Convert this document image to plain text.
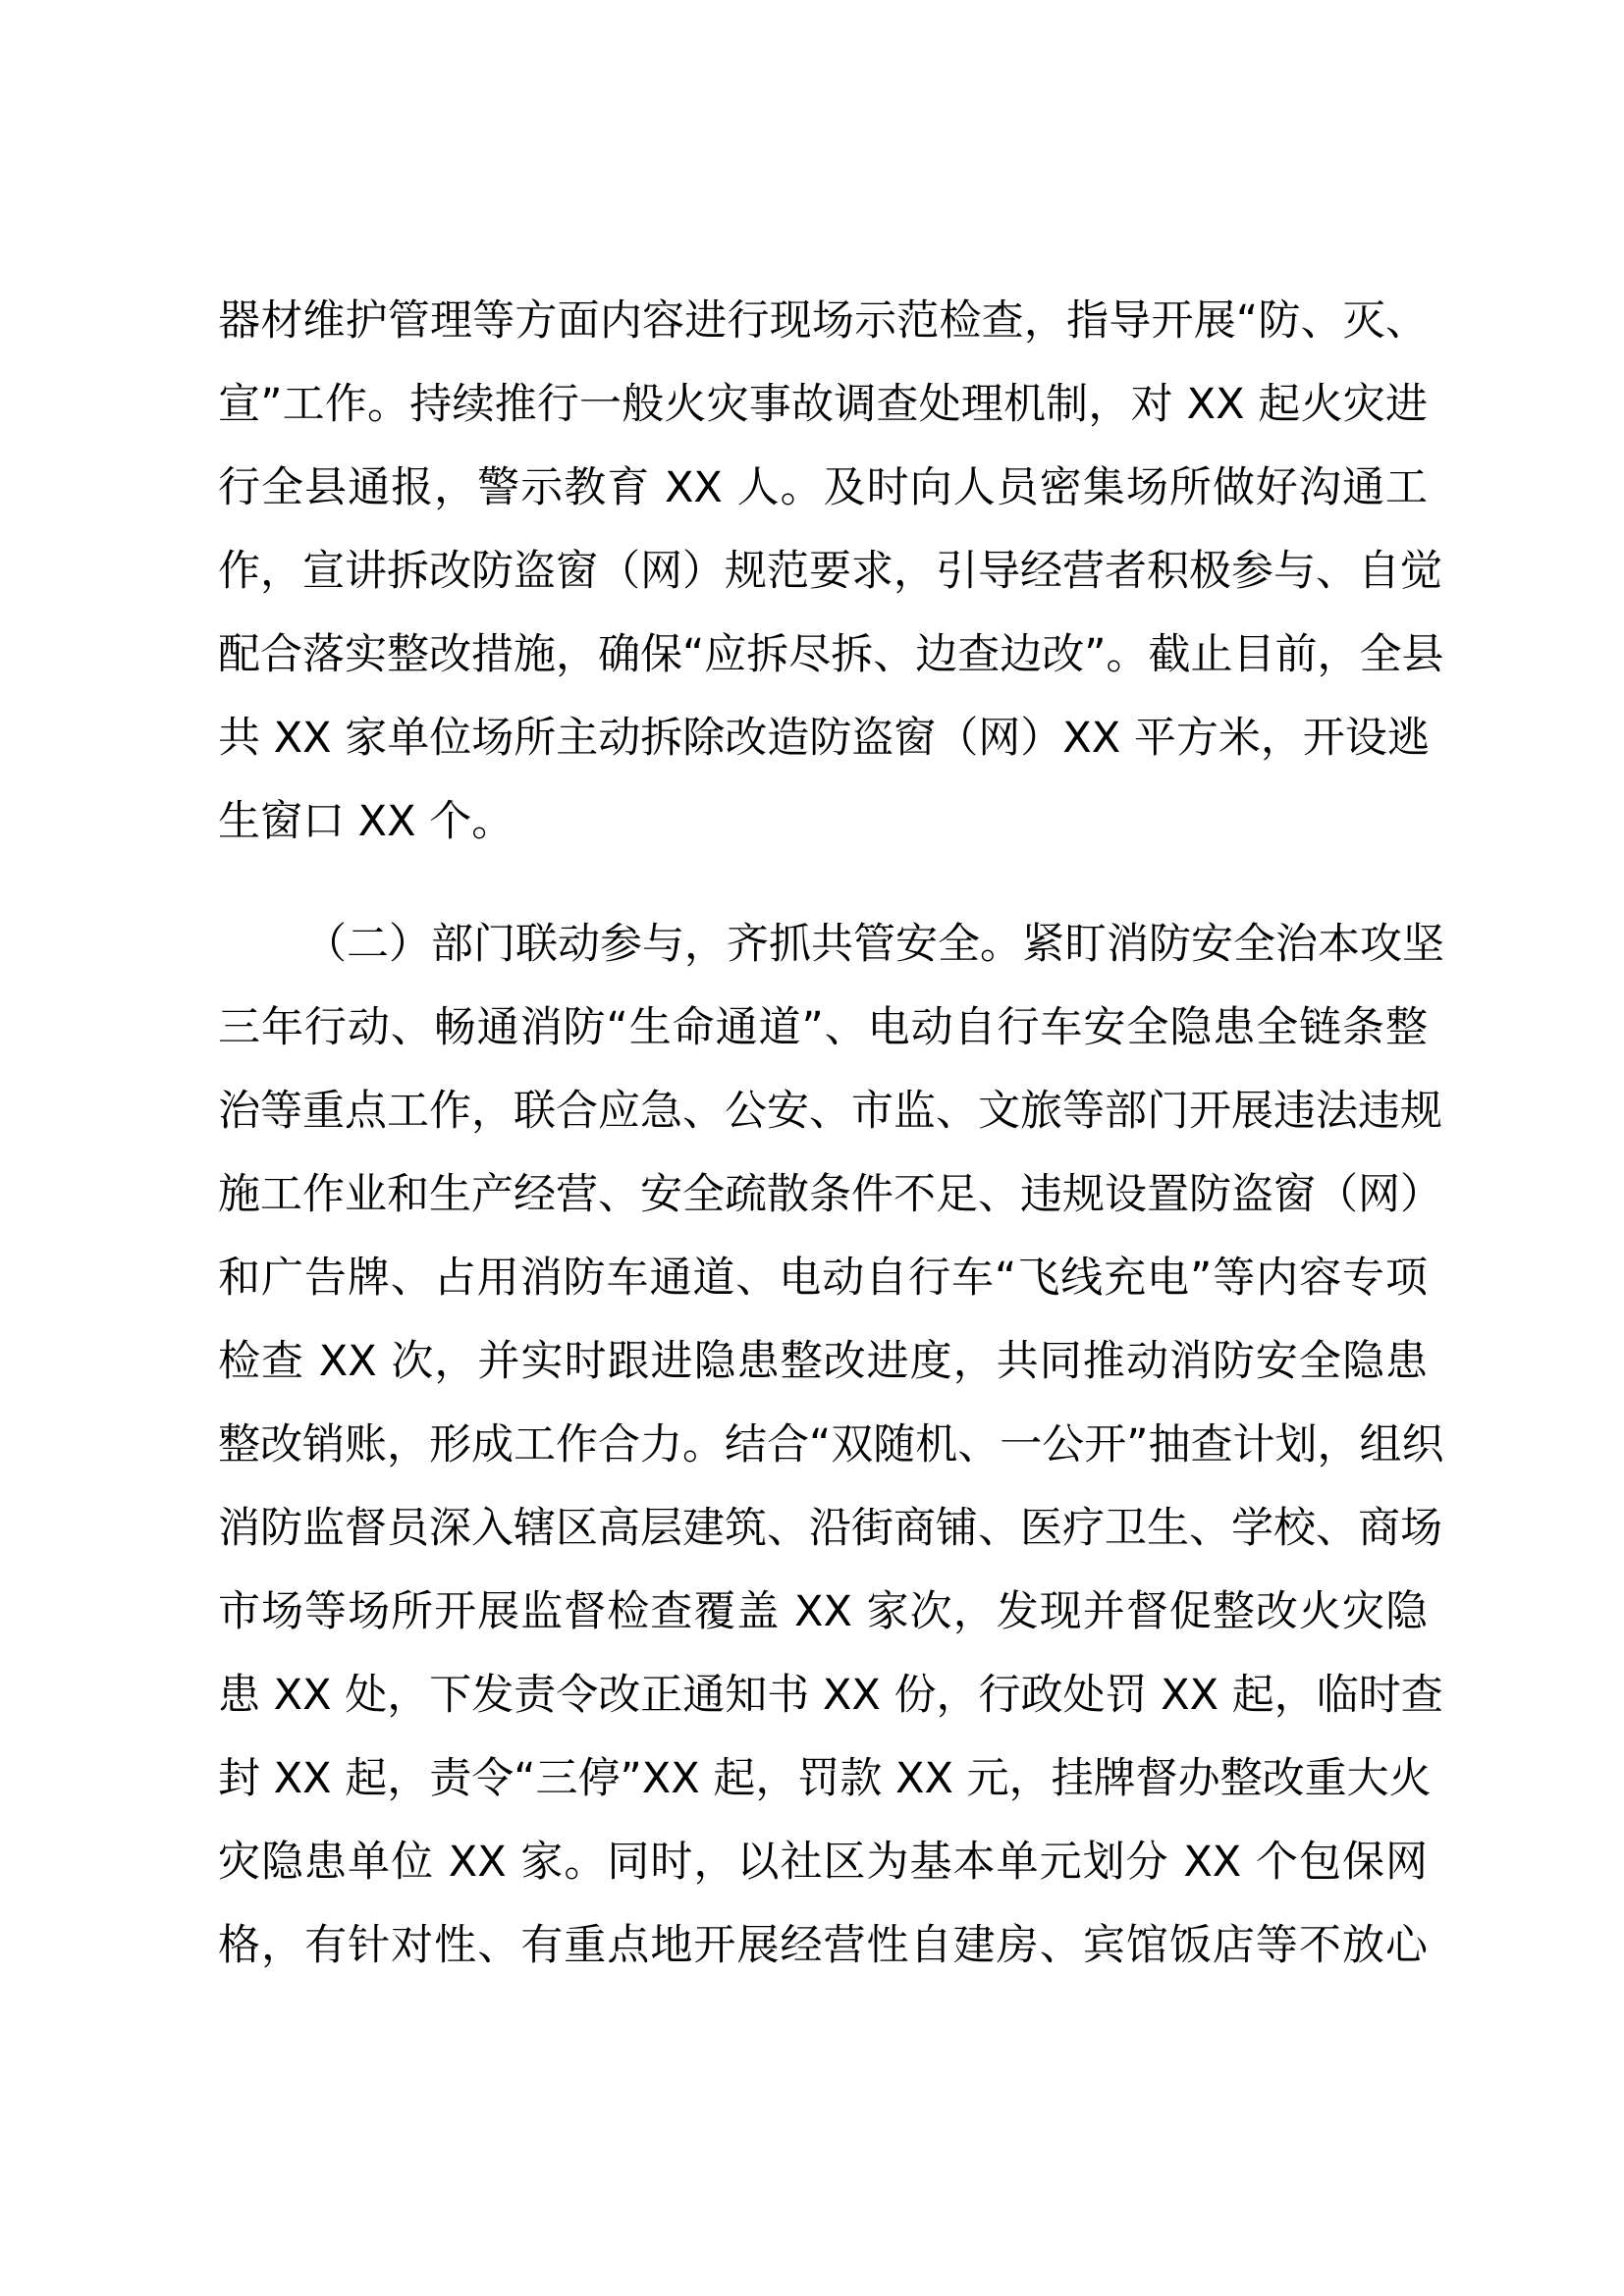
器材维护管理等方面内容进行现场示范检查，指导开展“防、灭、
宣”工作。持续推行一般火灾事故调查处理机制，对 XX 起火灾进
行全县通报，警示教育 XX 人。及时向人员密集场所做好沟通工
作，宣讲拆改防盗窗（网）规范要求，引导经营者积极参与、自觉
配合落实整改措施，确保“应拆尽拆、边查边改”。截止目前，全县
共 XX 家单位场所主动拆除改造防盗窗（网）XX 平方米，开设逃
生窗口 XX 个。
（二）部门联动参与，齐抓共管安全。紧盯消防安全治本攻坚
三年行动、畅通消防“生命通道”、电动自行车安全隐患全链条整
治等重点工作，联合应急、公安、市监、文旅等部门开展违法违规
施工作业和生产经营、安全疏散条件不足、违规设置防盗窗（网）
和广告牌、占用消防车通道、电动自行车“飞线充电”等内容专项
检查 XX 次，并实时跟进隐患整改进度，共同推动消防安全隐患
整改销账，形成工作合力。结合“双随机、一公开”抽查计划，组织
消防监督员深入辖区高层建筑、沿街商铺、医疗卫生、学校、商场
市场等场所开展监督检查覆盖 XX 家次，发现并督促整改火灾隐
患 XX 处，下发责令改正通知书 XX 份，行政处罚 XX 起，临时查
封 XX 起，责令“三停”XX 起，罚款 XX 元，挂牌督办整改重大火
灾隐患单位 XX 家。同时，以社区为基本单元划分 XX 个包保网
格，有针对性、有重点地开展经营性自建房、宾馆饭店等不放心
